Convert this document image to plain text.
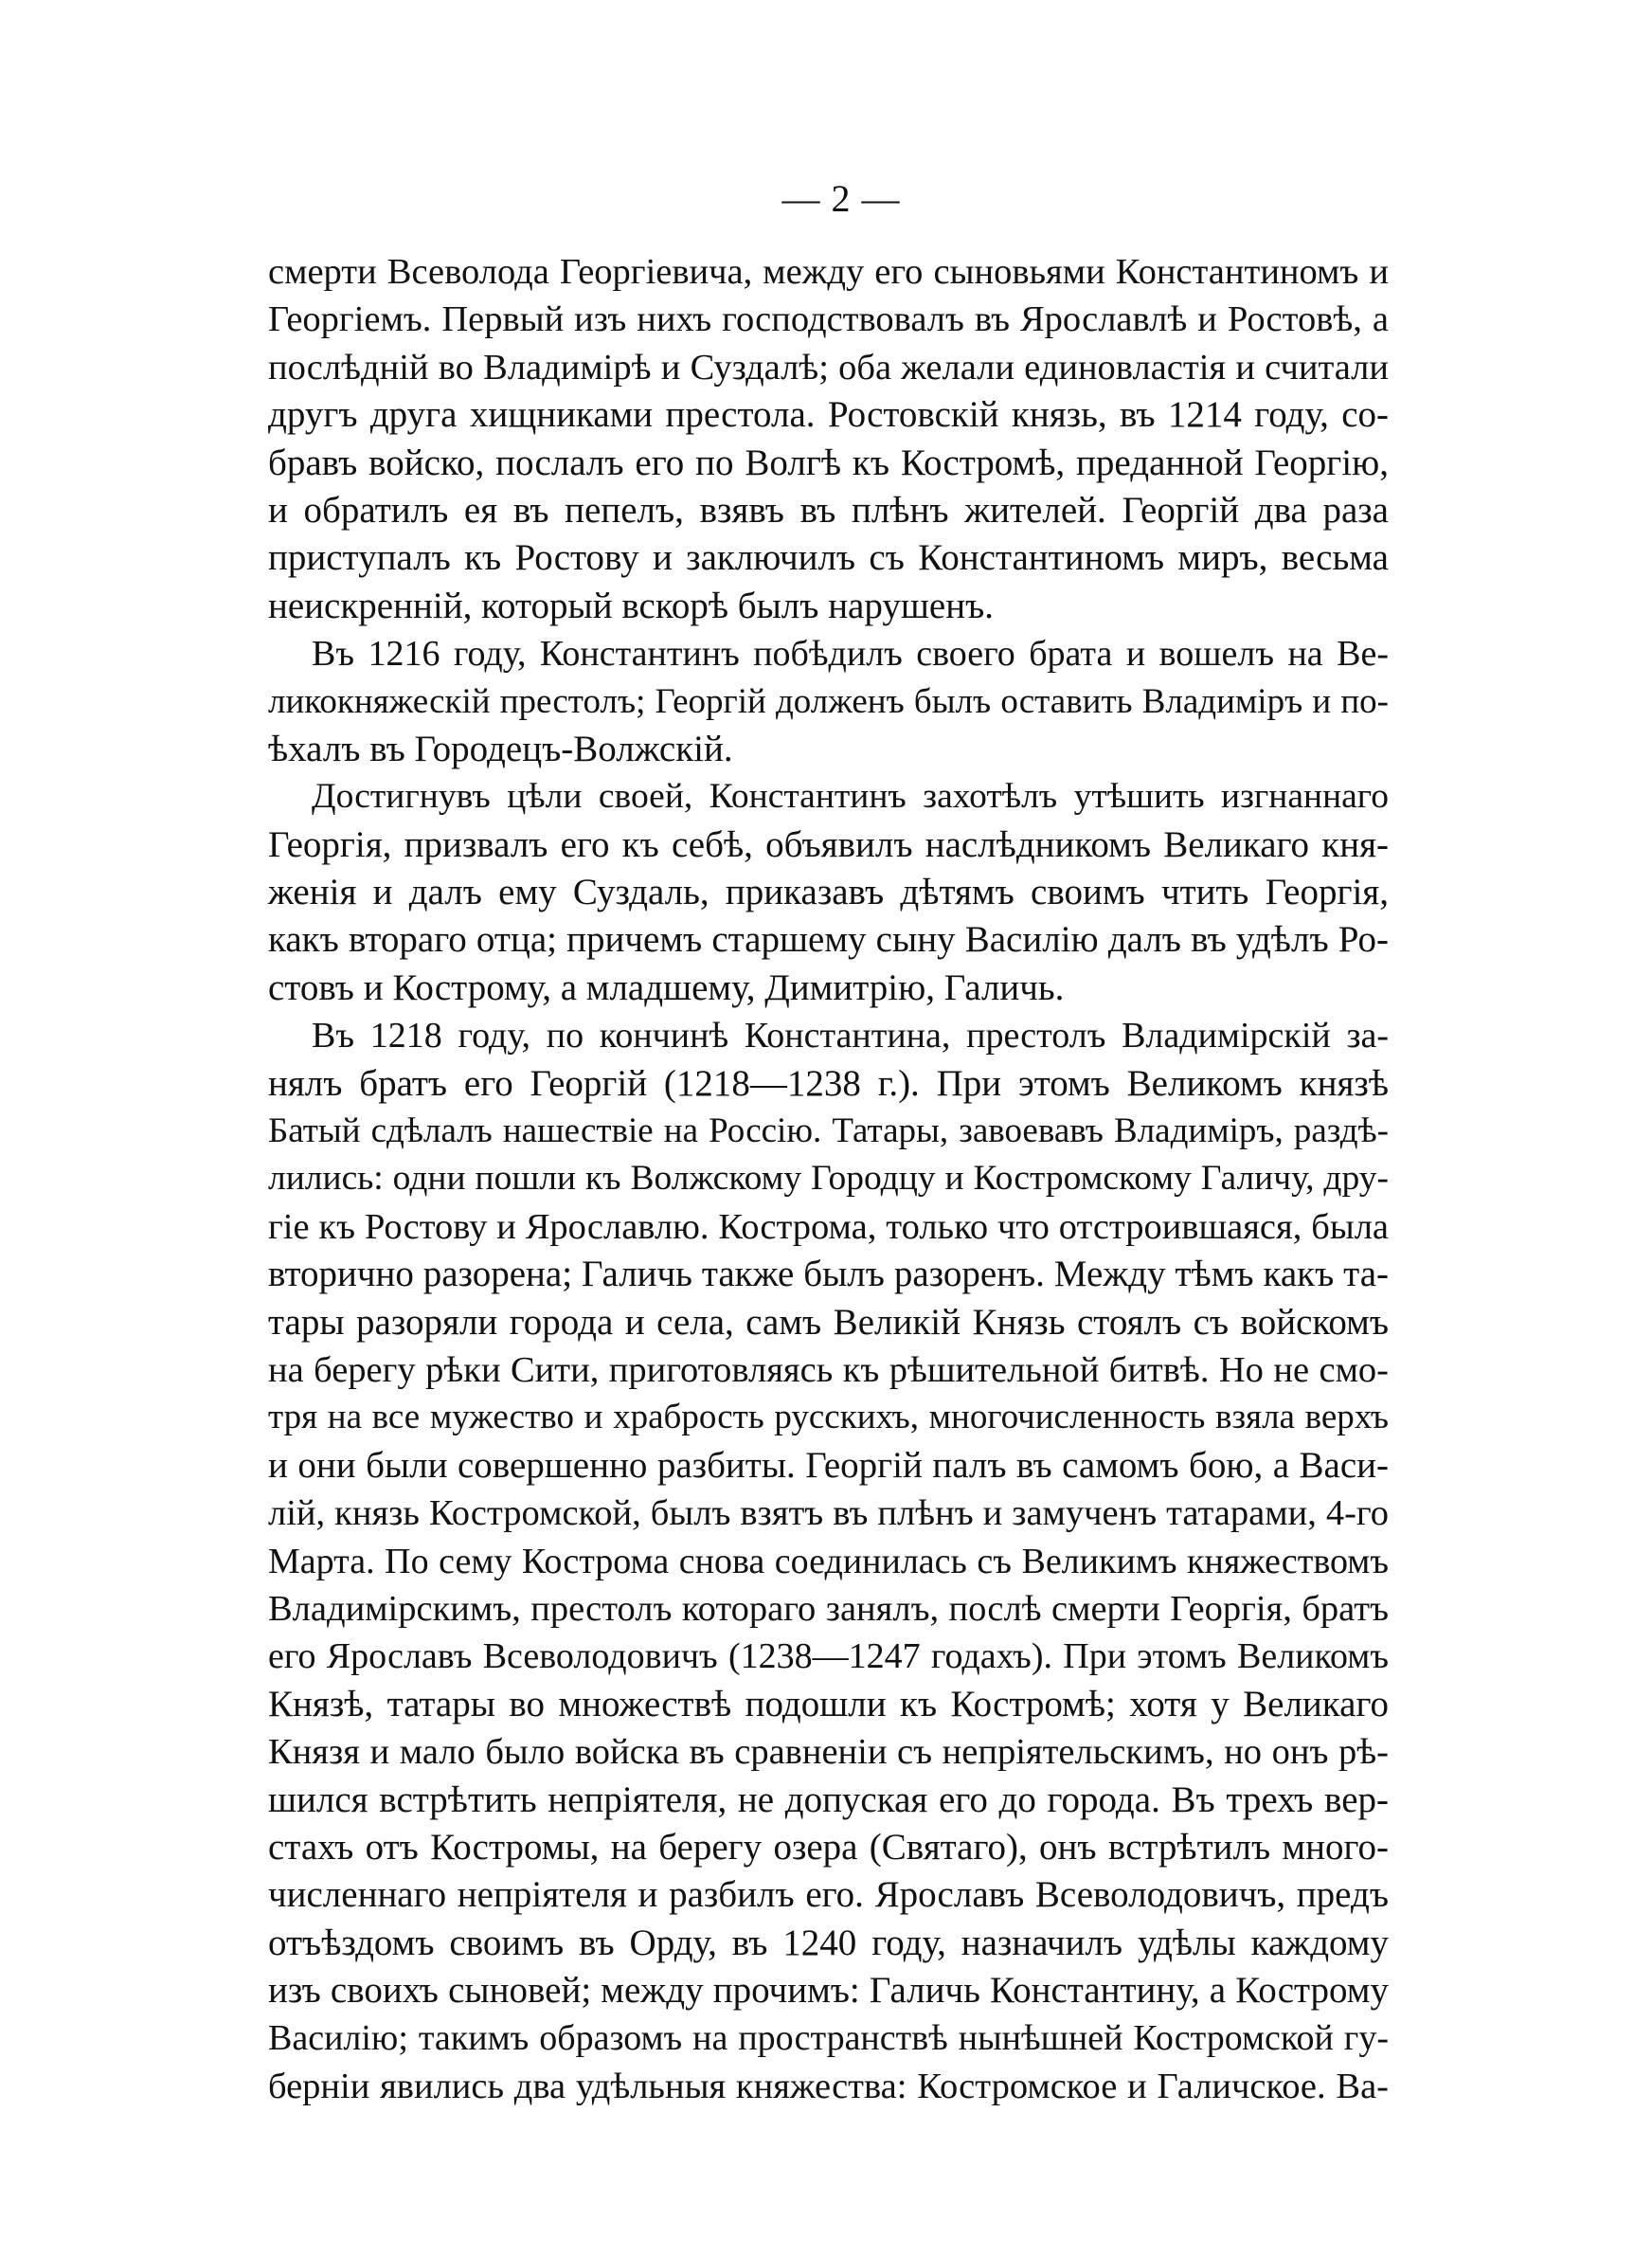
— 2 —
смерти Всеволода Георгіевича, между его сыновьями Константиномъ и
Георгіемъ. Первый изъ нихъ господствовалъ въ Ярославлѣ и Ростовѣ, а
послѣдній во Владимірѣ и Суздалѣ; оба желали единовластія и считали
другъ друга хищниками престола. Ростовскій князь, въ 1214 году, со-
бравъ войско, послалъ его по Волгѣ къ Костромѣ, преданной Георгію,
и обратилъ ея въ пепелъ, взявъ въ плѣнъ жителей. Георгій два раза
приступалъ къ Ростову и заключилъ съ Константиномъ миръ, весьма
неискренній, который вскорѣ былъ нарушенъ.
Въ 1216 году, Константинъ побѣдилъ своего брата и вошелъ на Ве-
ликокняжескій престолъ; Георгій долженъ былъ оставить Владиміръ и по-
ѣхалъ въ Городецъ-Волжскій.
Достигнувъ цѣли своей, Константинъ захотѣлъ утѣшить изгнаннаго
Георгія, призвалъ его къ себѣ, объявилъ наслѣдникомъ Великаго кня-
женія и далъ ему Суздаль, приказавъ дѣтямъ своимъ чтить Георгія,
какъ втораго отца; причемъ старшему сыну Василію далъ въ удѣлъ Ро-
стовъ и Кострому, а младшему, Димитрію, Галичь.
Въ 1218 году, по кончинѣ Константина, престолъ Владимірскій за-
нялъ братъ его Георгій (1218—1238 г.). При этомъ Великомъ князѣ
Батый сдѣлалъ нашествіе на Россію. Татары, завоевавъ Владиміръ, раздѣ-
лились: одни пошли къ Волжскому Городцу и Костромскому Галичу, дру-
гіе къ Ростову и Ярославлю. Кострома, только что отстроившаяся, была
вторично разорена; Галичь также былъ разоренъ. Между тѣмъ какъ та-
тары разоряли города и села, самъ Великій Князь стоялъ съ войскомъ
на берегу рѣки Сити, приготовляясь къ рѣшительной битвѣ. Но не смо-
тря на все мужество и храбрость русскихъ, многочисленность взяла верхъ
и они были совершенно разбиты. Георгій палъ въ самомъ бою, а Васи-
лій, князь Костромской, былъ взятъ въ плѣнъ и замученъ татарами, 4-го
Марта. По сему Кострома снова соединилась съ Великимъ княжествомъ
Владимірскимъ, престолъ котораго занялъ, послѣ смерти Георгія, братъ
его Ярославъ Всеволодовичъ (1238—1247 годахъ). При этомъ Великомъ
Князѣ, татары во множествѣ подошли къ Костромѣ; хотя у Великаго
Князя и мало было войска въ сравненіи съ непріятельскимъ, но онъ рѣ-
шился встрѣтить непріятеля, не допуская его до города. Въ трехъ вер-
стахъ отъ Костромы, на берегу озера (Святаго), онъ встрѣтилъ много-
численнаго непріятеля и разбилъ его. Ярославъ Всеволодовичъ, предъ
отъѣздомъ своимъ въ Орду, въ 1240 году, назначилъ удѣлы каждому
изъ своихъ сыновей; между прочимъ: Галичь Константину, а Кострому
Василію; такимъ образомъ на пространствѣ нынѣшней Костромской гу-
берніи явились два удѣльныя княжества: Костромское и Галичское. Ва-
